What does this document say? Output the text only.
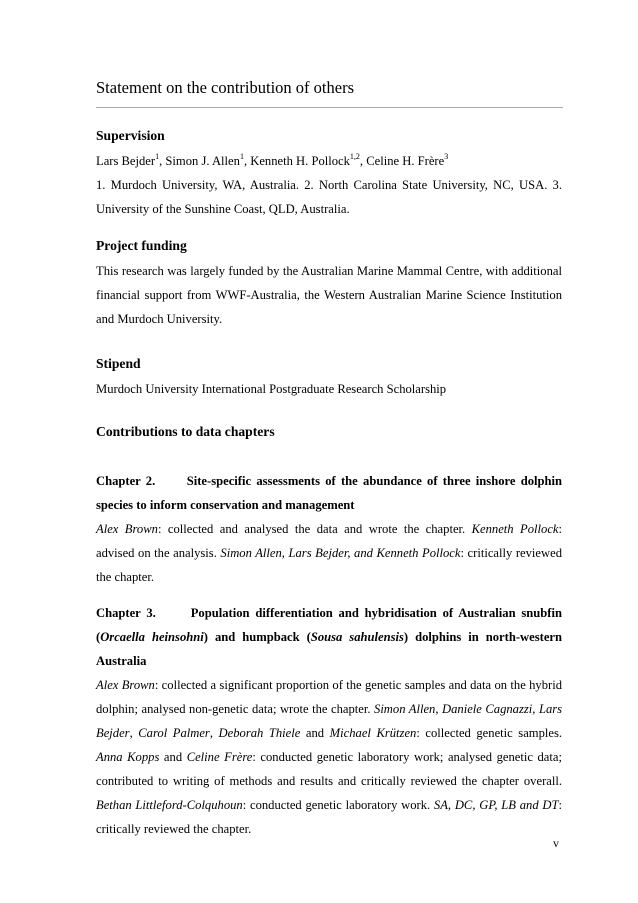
Statement on the contribution of others
Supervision

Lars Bejder$^1$, Simon J. Allen$^1$, Kenneth H. Pollock$^{1,2}$, Celine H. Frère$^3$

1. Murdoch University, WA, Australia. 2. North Carolina State University, NC, USA. 3. University of the Sunshine Coast, QLD, Australia.

Project funding

This research was largely funded by the Australian Marine Mammal Centre, with additional financial support from WWF-Australia, the Western Australian Marine Science Institution and Murdoch University.

Stipend

Murdoch University International Postgraduate Research Scholarship

Contributions to data chapters

Chapter 2. Site-specific assessments of the abundance of three inshore dolphin species to inform conservation and management

Alex Brown: collected and analysed the data and wrote the chapter. Kenneth Pollock: advised on the analysis. Simon Allen, Lars Bejder, and Kenneth Pollock: critically reviewed the chapter.

Chapter 3.	Population differentiation and hybridisation of Australian snubfin (Orcaella heinsohni) and humpback (Sousa sahulensis) dolphins in north-western Australia

Alex Brown: collected a significant proportion of the genetic samples and data on the hybrid dolphin; analysed non-genetic data; wrote the chapter. Simon Allen, Daniele Cagnazzi, Lars Bejder, Carol Palmer, Deborah Thiele and Michael Krützen: collected genetic samples. Anna Kopps and Celine Frère: conducted genetic laboratory work; analysed genetic data; contributed to writing of methods and results and critically reviewed the chapter overall. Bethan Littleford-Colquhoun: conducted genetic laboratory work. SA, DC, GP, LB and DT: critically reviewed the chapter.

v
